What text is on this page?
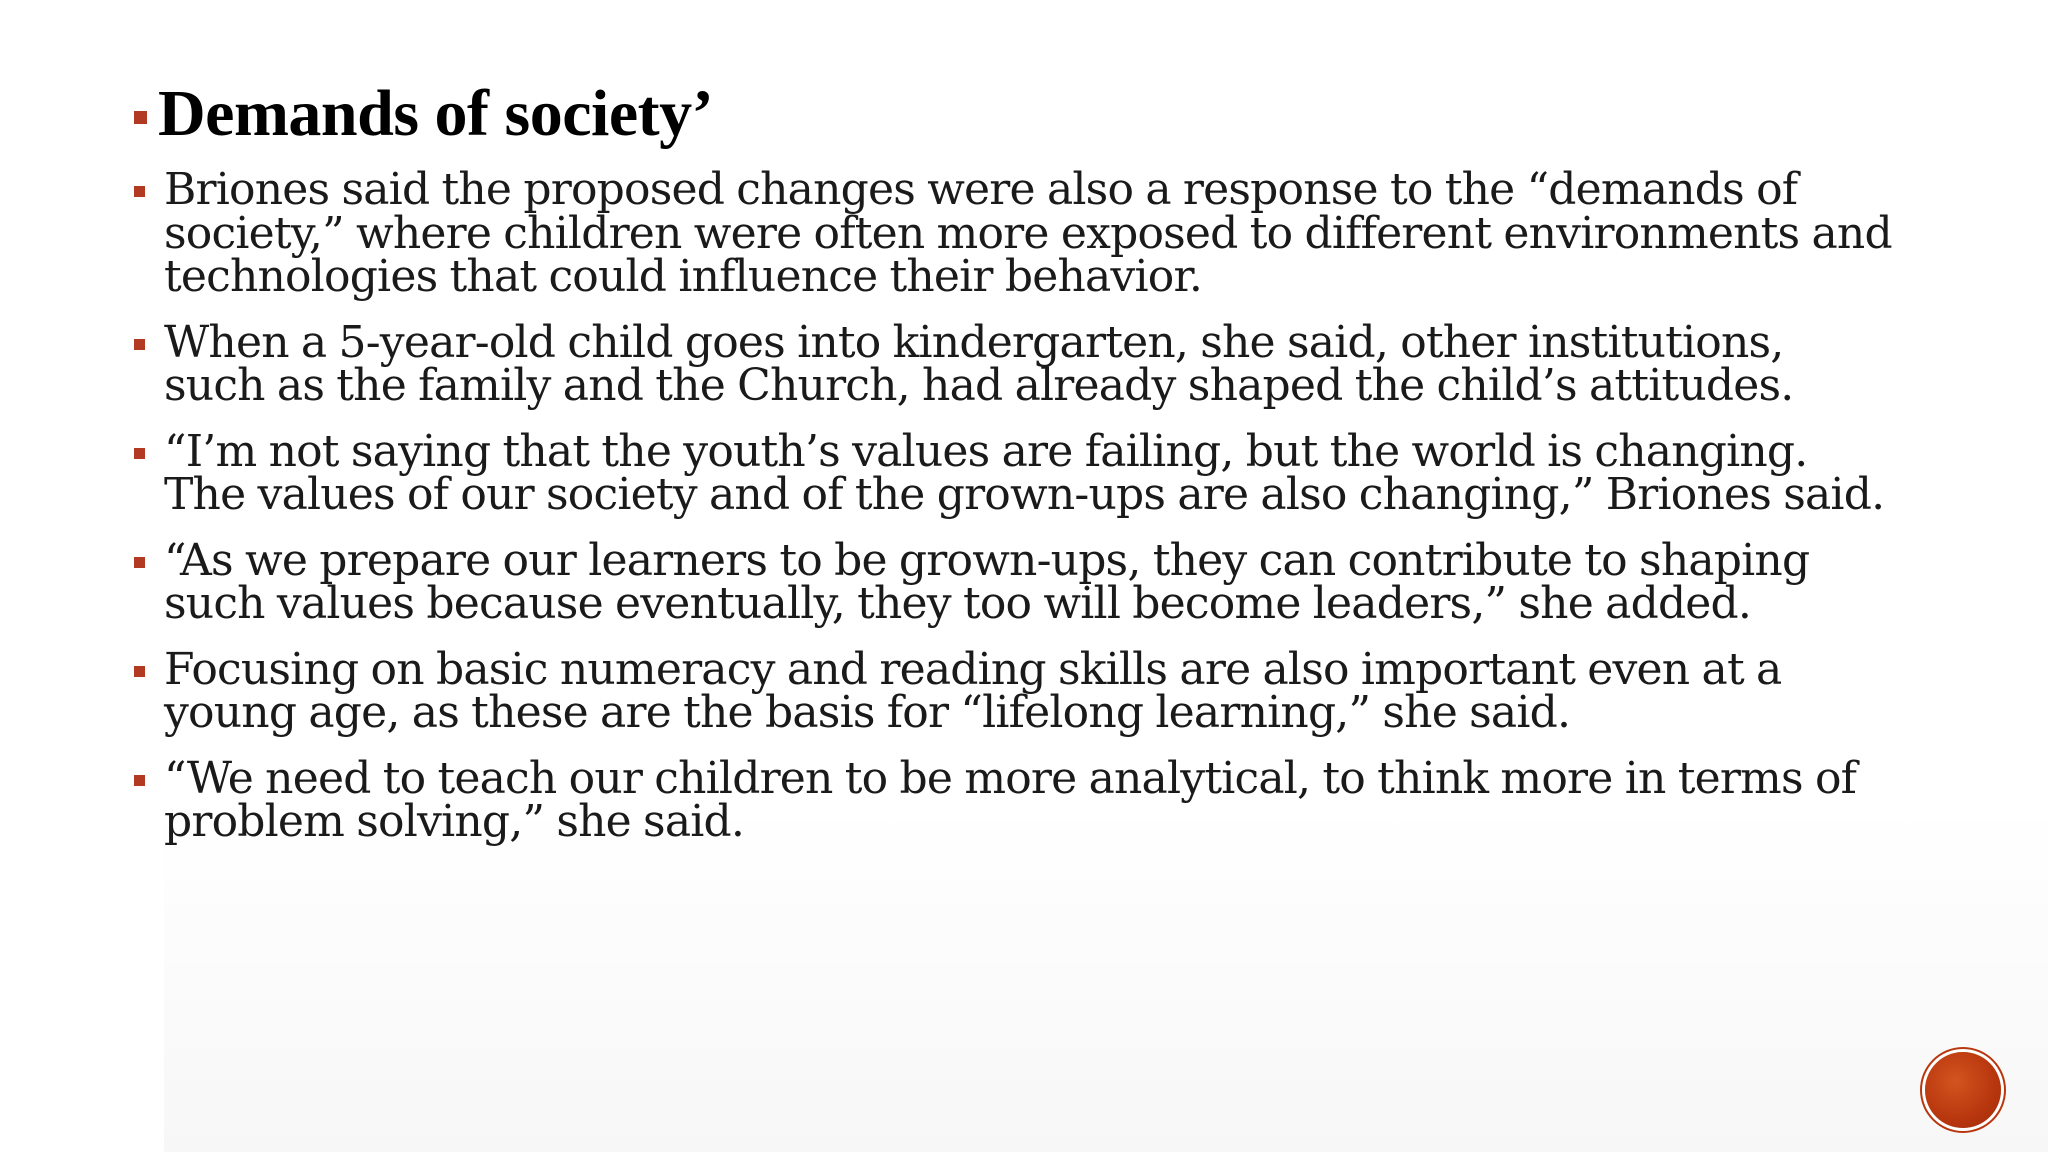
Demands of society’
Briones said the proposed changes were also a response to the “demands of society,” where children were often more exposed to different environments and technologies that could influence their behavior.
When a 5-year-old child goes into kindergarten, she said, other institutions, such as the family and the Church, had already shaped the child’s attitudes.
“I’m not saying that the youth’s values are failing, but the world is changing. The values of our society and of the grown-ups are also changing,” Briones said.
“As we prepare our learners to be grown-ups, they can contribute to shaping such values because eventually, they too will become leaders,” she added.
Focusing on basic numeracy and reading skills are also important even at a young age, as these are the basis for “lifelong learning,” she said.
“We need to teach our children to be more analytical, to think more in terms of problem solving,” she said.
